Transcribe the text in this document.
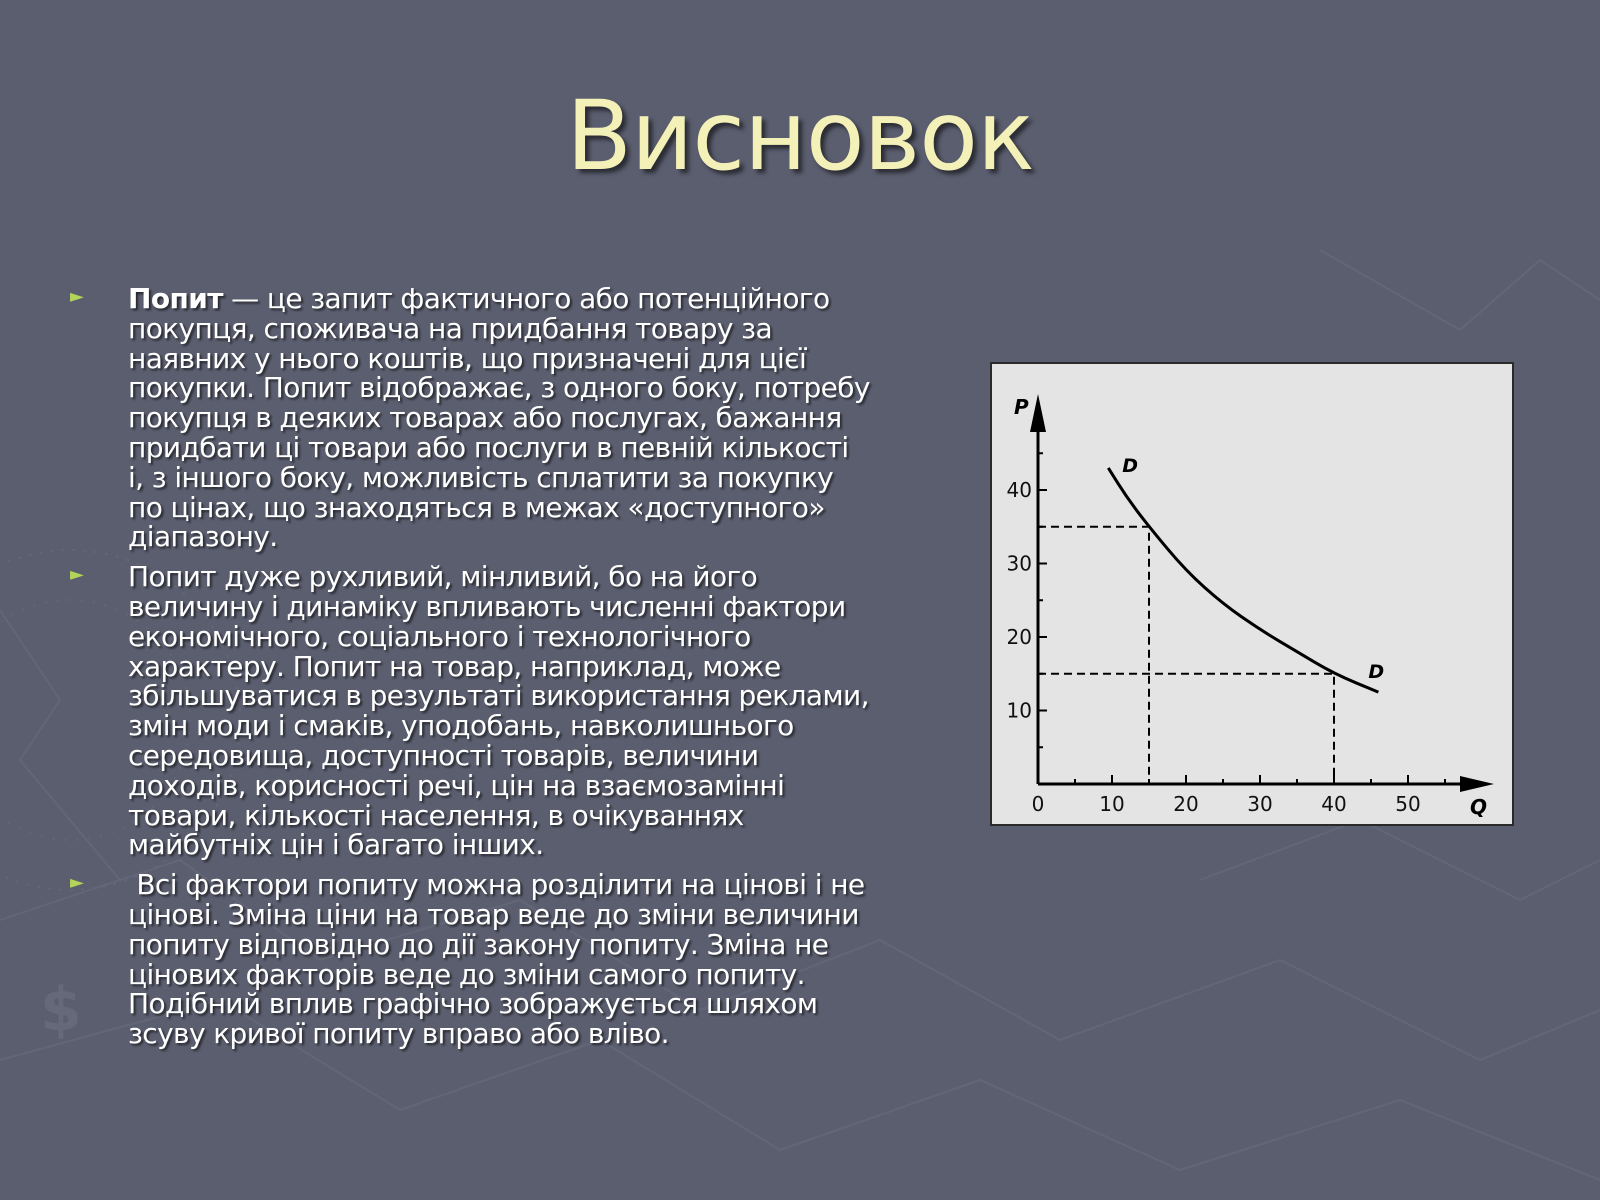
$
Висновок
► Попит — це запит фактичного або потенційного покупця, споживача на придбання товару за наявних у нього коштів, що призначені для цієї покупки. Попит відображає, з одного боку, потребу покупця в деяких товарах або послугах, бажання придбати ці товари або послуги в певній кількості і, з іншого боку, можливість сплатити за покупку по цінах, що знаходяться в межах «доступного» діапазону.
► Попит дуже рухливий, мінливий, бо на його величину і динаміку впливають численні фактори економічного, соціального і технологічного характеру. Попит на товар, наприклад, може збільшуватися в результаті використання реклами, змін моди і смаків, уподобань, навколишнього середовища, доступності товарів, величини доходів, корисності речі, цін на взаємозамінні товари, кількості населення, в очікуваннях майбутніх цін і багато інших.
► Всі фактори попиту можна розділити на цінові і не цінові. Зміна ціни на товар веде до зміни величини попиту відповідно до дії закону попиту. Зміна не цінових факторів веде до зміни самого попиту. Подібний вплив графічно зображується шляхом зсуву кривої попиту вправо або вліво.
0	10 20 30 40 50
10
20
30
40
P
Q
D
D
